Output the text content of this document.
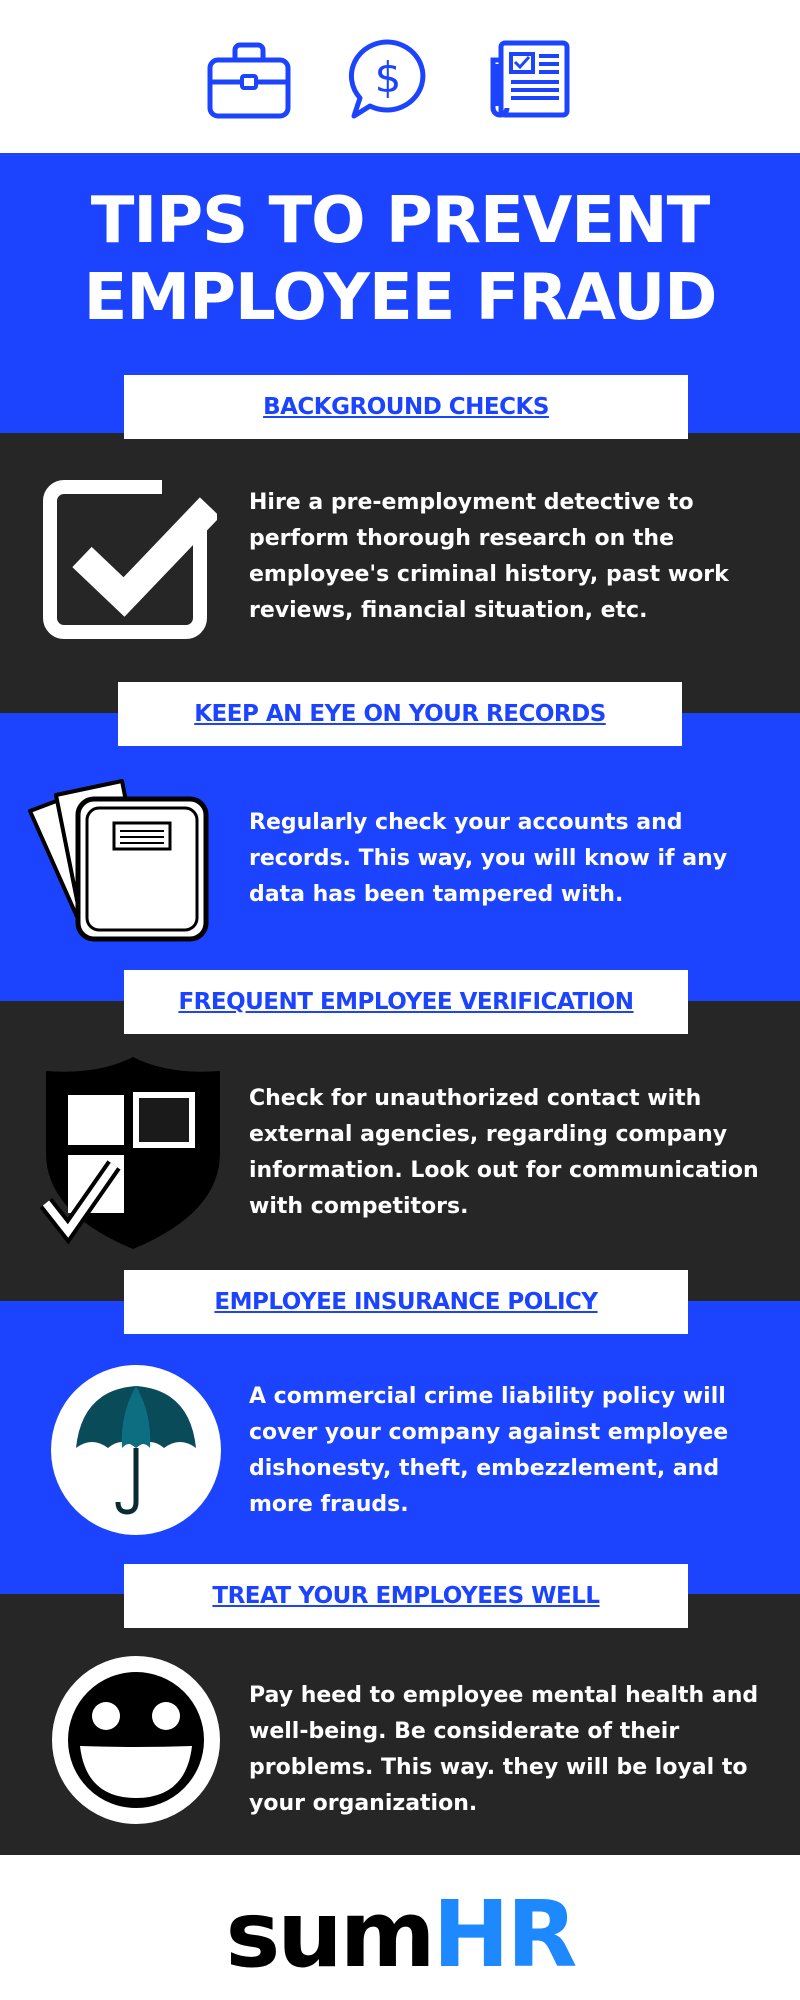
$
TIPS TO PREVENT
EMPLOYEE FRAUD

Hire a pre-employment detective to perform thorough research on the employee's criminal history, past work reviews, financial situation, etc.

BACKGROUND CHECKS

Regularly check your accounts and records. This way, you will know if any data has been tampered with.

KEEP AN EYE ON YOUR RECORDS

Check for unauthorized contact with external agencies, regarding company information. Look out for communication with competitors.

FREQUENT EMPLOYEE VERIFICATION

A commercial crime liability policy will cover your company against employee dishonesty, theft, embezzlement, and more frauds.

EMPLOYEE INSURANCE POLICY

Pay heed to employee mental health and well-being. Be considerate of their problems. This way. they will be loyal to your organization.

TREAT YOUR EMPLOYEES WELL
sumHR
